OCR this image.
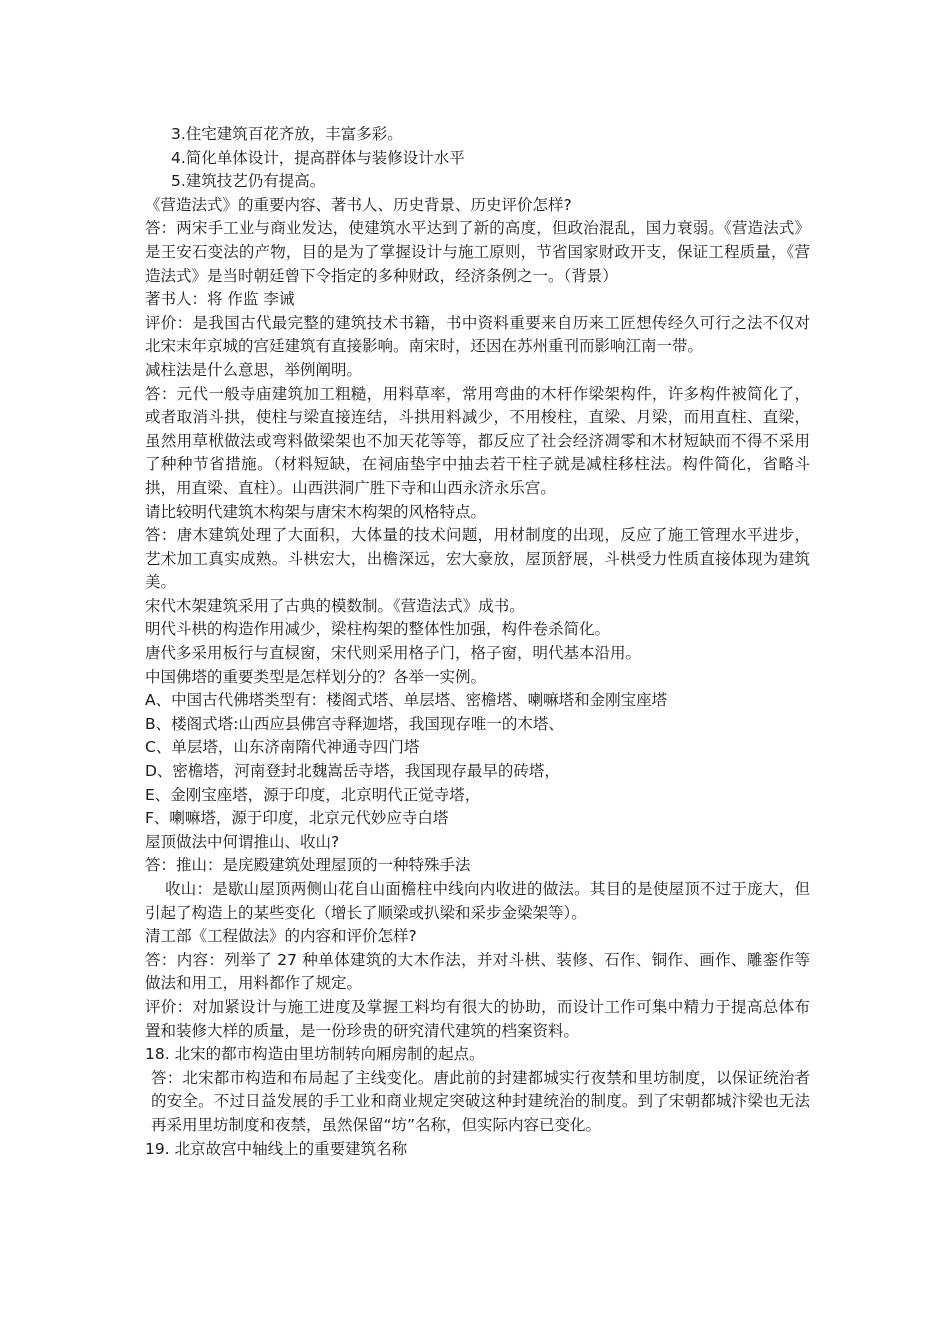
3.住宅建筑百花齐放，丰富多彩。

4.简化单体设计，提高群体与装修设计水平

5.建筑技艺仍有提高。

《营造法式》的重要内容、著书人、历史背景、历史评价怎样?

答：两宋手工业与商业发达，使建筑水平达到了新的高度，但政治混乱，国力衰弱。《营造法式》是王安石变法的产物，目的是为了掌握设计与施工原则，节省国家财政开支，保证工程质量，《营造法式》是当时朝廷曾下令指定的多种财政，经济条例之一。（背景）

著书人：将 作监 李诫

评价：是我国古代最完整的建筑技术书籍，书中资料重要来自历来工匠想传经久可行之法不仅对北宋末年京城的宫廷建筑有直接影响。南宋时，还因在苏州重刊而影响江南一带。

减柱法是什么意思，举例阐明。

答：元代一般寺庙建筑加工粗糙，用料草率，常用弯曲的木杆作梁架构件，许多构件被简化了，或者取消斗拱，使柱与梁直接连结，斗拱用料减少，不用梭柱，直梁、月梁，而用直柱、直梁，虽然用草栿做法或弯料做梁架也不加天花等等，都反应了社会经济凋零和木材短缺而不得不采用了种种节省措施。（材料短缺，在祠庙垫宇中抽去若干柱子就是减柱移柱法。构件简化，省略斗拱，用直梁、直柱）。山西洪洞广胜下寺和山西永济永乐宫。

请比较明代建筑木构架与唐宋木构架的风格特点。

答：唐木建筑处理了大面积，大体量的技术问题，用材制度的出现，反应了施工管理水平进步，艺术加工真实成熟。斗栱宏大，出檐深远，宏大豪放，屋顶舒展，斗栱受力性质直接体现为建筑美。

宋代木架建筑采用了古典的模数制。《营造法式》成书。

明代斗栱的构造作用减少，梁柱构架的整体性加强，构件卷杀简化。

唐代多采用板行与直棂窗，宋代则采用格子门，格子窗，明代基本沿用。

中国佛塔的重要类型是怎样划分的？各举一实例。

A、中国古代佛塔类型有：楼阁式塔、单层塔、密檐塔、喇嘛塔和金刚宝座塔

B、楼阁式塔:山西应县佛宫寺释迦塔，我国现存唯一的木塔、

C、单层塔，山东济南隋代神通寺四门塔

D、密檐塔，河南登封北魏嵩岳寺塔，我国现存最早的砖塔，

E、金刚宝座塔，源于印度，北京明代正觉寺塔，

F、喇嘛塔，源于印度，北京元代妙应寺白塔

屋顶做法中何谓推山、收山?

答：推山：是庑殿建筑处理屋顶的一种特殊手法

收山：是歇山屋顶两侧山花自山面檐柱中线向内收进的做法。其目的是使屋顶不过于庞大，但引起了构造上的某些变化（增长了顺梁或扒梁和采步金梁架等）。

清工部《工程做法》的内容和评价怎样?

答：内容：列举了 27 种单体建筑的大木作法，并对斗栱、装修、石作、铜作、画作、雕銮作等做法和用工，用料都作了规定。

评价：对加紧设计与施工进度及掌握工料均有很大的协助，而设计工作可集中精力于提高总体布置和装修大样的质量，是一份珍贵的研究清代建筑的档案资料。

18. 北宋的都市构造由里坊制转向厢房制的起点。

答：北宋都市构造和布局起了主线变化。唐此前的封建都城实行夜禁和里坊制度，以保证统治者的安全。不过日益发展的手工业和商业规定突破这种封建统治的制度。到了宋朝都城汴梁也无法再采用里坊制度和夜禁，虽然保留“坊”名称，但实际内容已变化。

19. 北京故宫中轴线上的重要建筑名称
